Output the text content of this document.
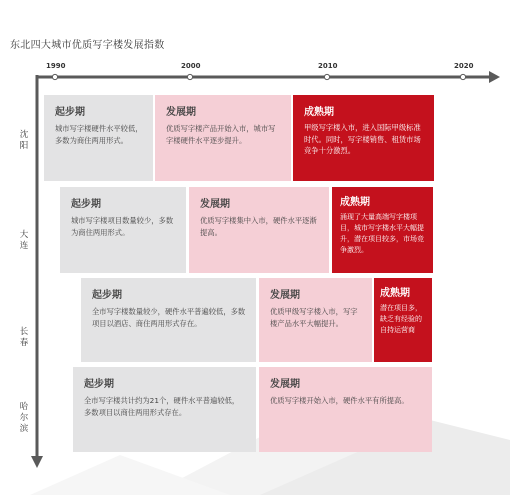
东北四大城市优质写字楼发展指数
1990	2000	2010	2020
沈阳
大连
长春
哈尔滨
起步期
城市写字楼硬件水平较低，多数为商住两用形式。
发展期
优质写字楼产品开始入市，城市写字楼硬件水平逐步提升。
成熟期
甲级写字楼入市，进入国际甲级标准时代。同时，写字楼销售、租赁市场竞争十分激烈。
起步期
城市写字楼项目数量较少，多数为商住两用形式。
发展期
优质写字楼集中入市，硬件水平逐渐提高。
成熟期
涌现了大量高端写字楼项目，城市写字楼水平大幅提升，潜在项目较多，市场竞争激烈。
起步期
全市写字楼数量较少，硬件水平普遍较低，多数项目以酒店、商住两用形式存在。
发展期
优质甲级写字楼入市，写字楼产品水平大幅提升。
成熟期
潜在项目多，缺乏有经验的自持运营商
起步期
全市写字楼共计约为21个，硬件水平普遍较低，多数项目以商住两用形式存在。
发展期
优质写字楼开始入市，硬件水平有所提高。
